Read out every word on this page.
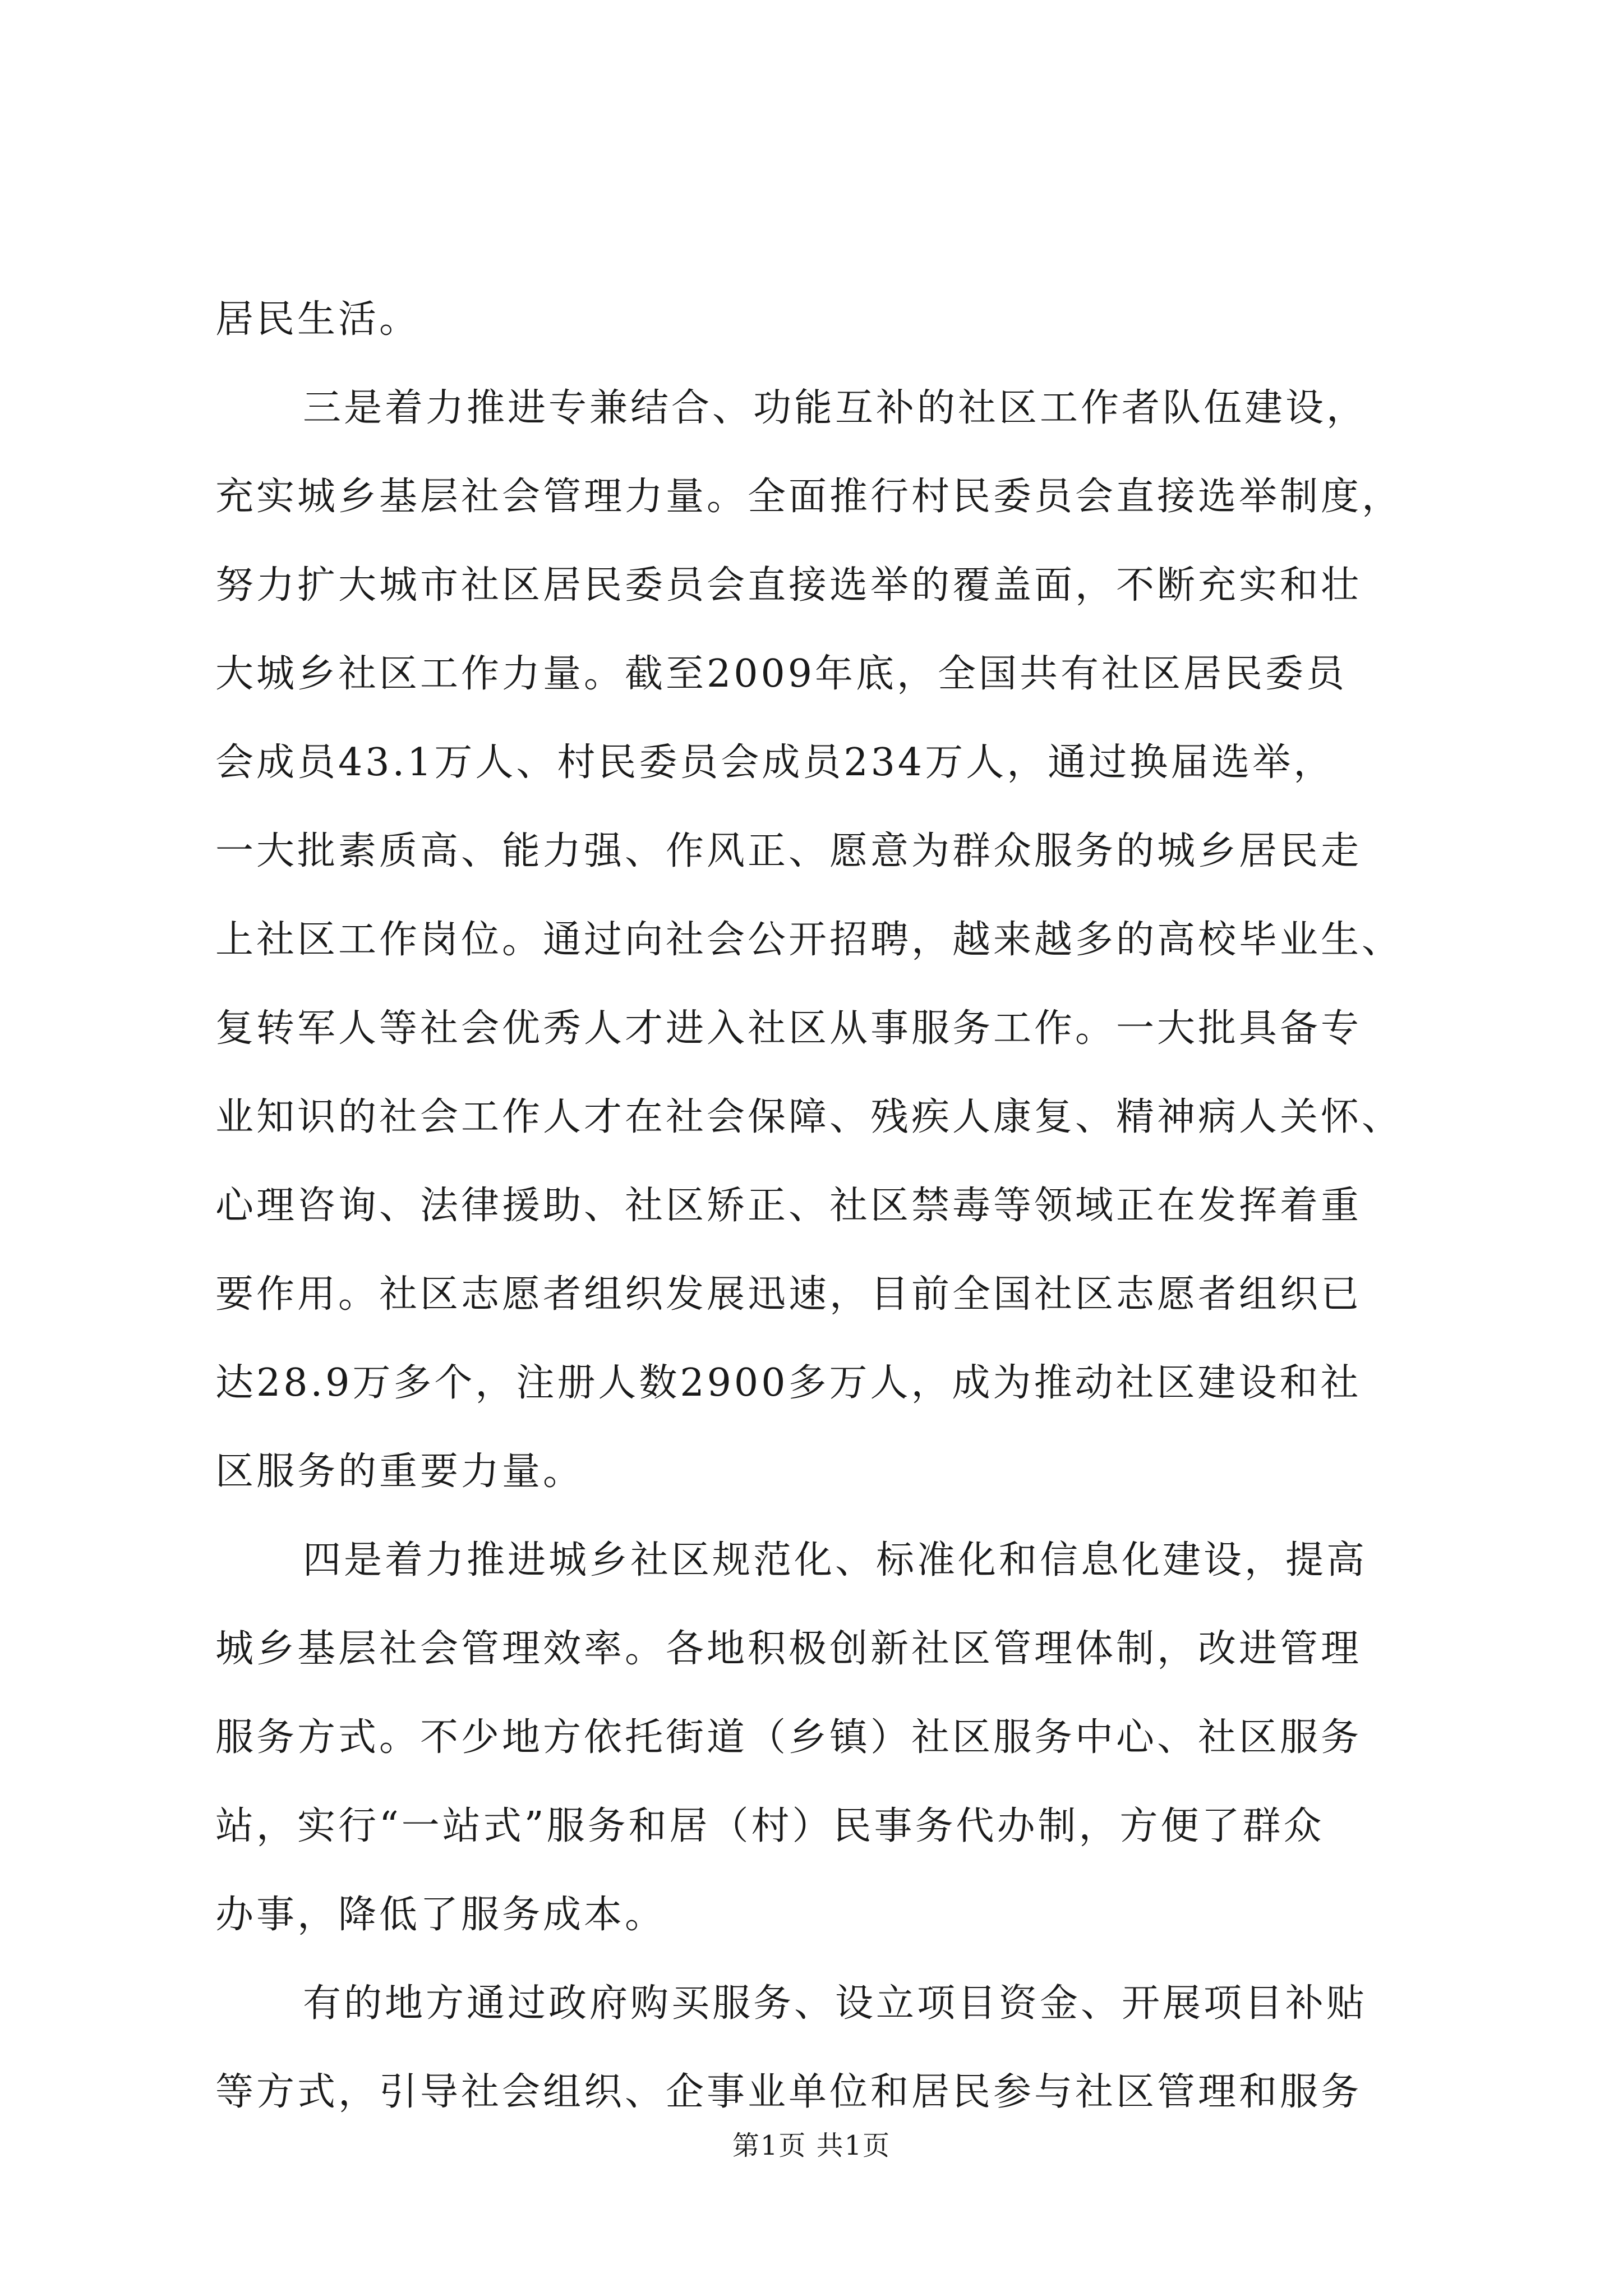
居民生活。

三是着力推进专兼结合、功能互补的社区工作者队伍建设，

充实城乡基层社会管理力量。全面推行村民委员会直接选举制度，

努力扩大城市社区居民委员会直接选举的覆盖面，不断充实和壮

大城乡社区工作力量。截至2009年底，全国共有社区居民委员

会成员43.1万人、村民委员会成员234万人，通过换届选举，

一大批素质高、能力强、作风正、愿意为群众服务的城乡居民走

上社区工作岗位。通过向社会公开招聘，越来越多的高校毕业生、

复转军人等社会优秀人才进入社区从事服务工作。一大批具备专

业知识的社会工作人才在社会保障、残疾人康复、精神病人关怀、

心理咨询、法律援助、社区矫正、社区禁毒等领域正在发挥着重

要作用。社区志愿者组织发展迅速，目前全国社区志愿者组织已

达28.9万多个，注册人数2900多万人，成为推动社区建设和社

区服务的重要力量。

四是着力推进城乡社区规范化、标准化和信息化建设，提高

城乡基层社会管理效率。各地积极创新社区管理体制，改进管理

服务方式。不少地方依托街道（乡镇）社区服务中心、社区服务

站，实行“一站式”服务和居（村）民事务代办制，方便了群众

办事，降低了服务成本。

有的地方通过政府购买服务、设立项目资金、开展项目补贴

等方式，引导社会组织、企事业单位和居民参与社区管理和服务

第1页 共1页
